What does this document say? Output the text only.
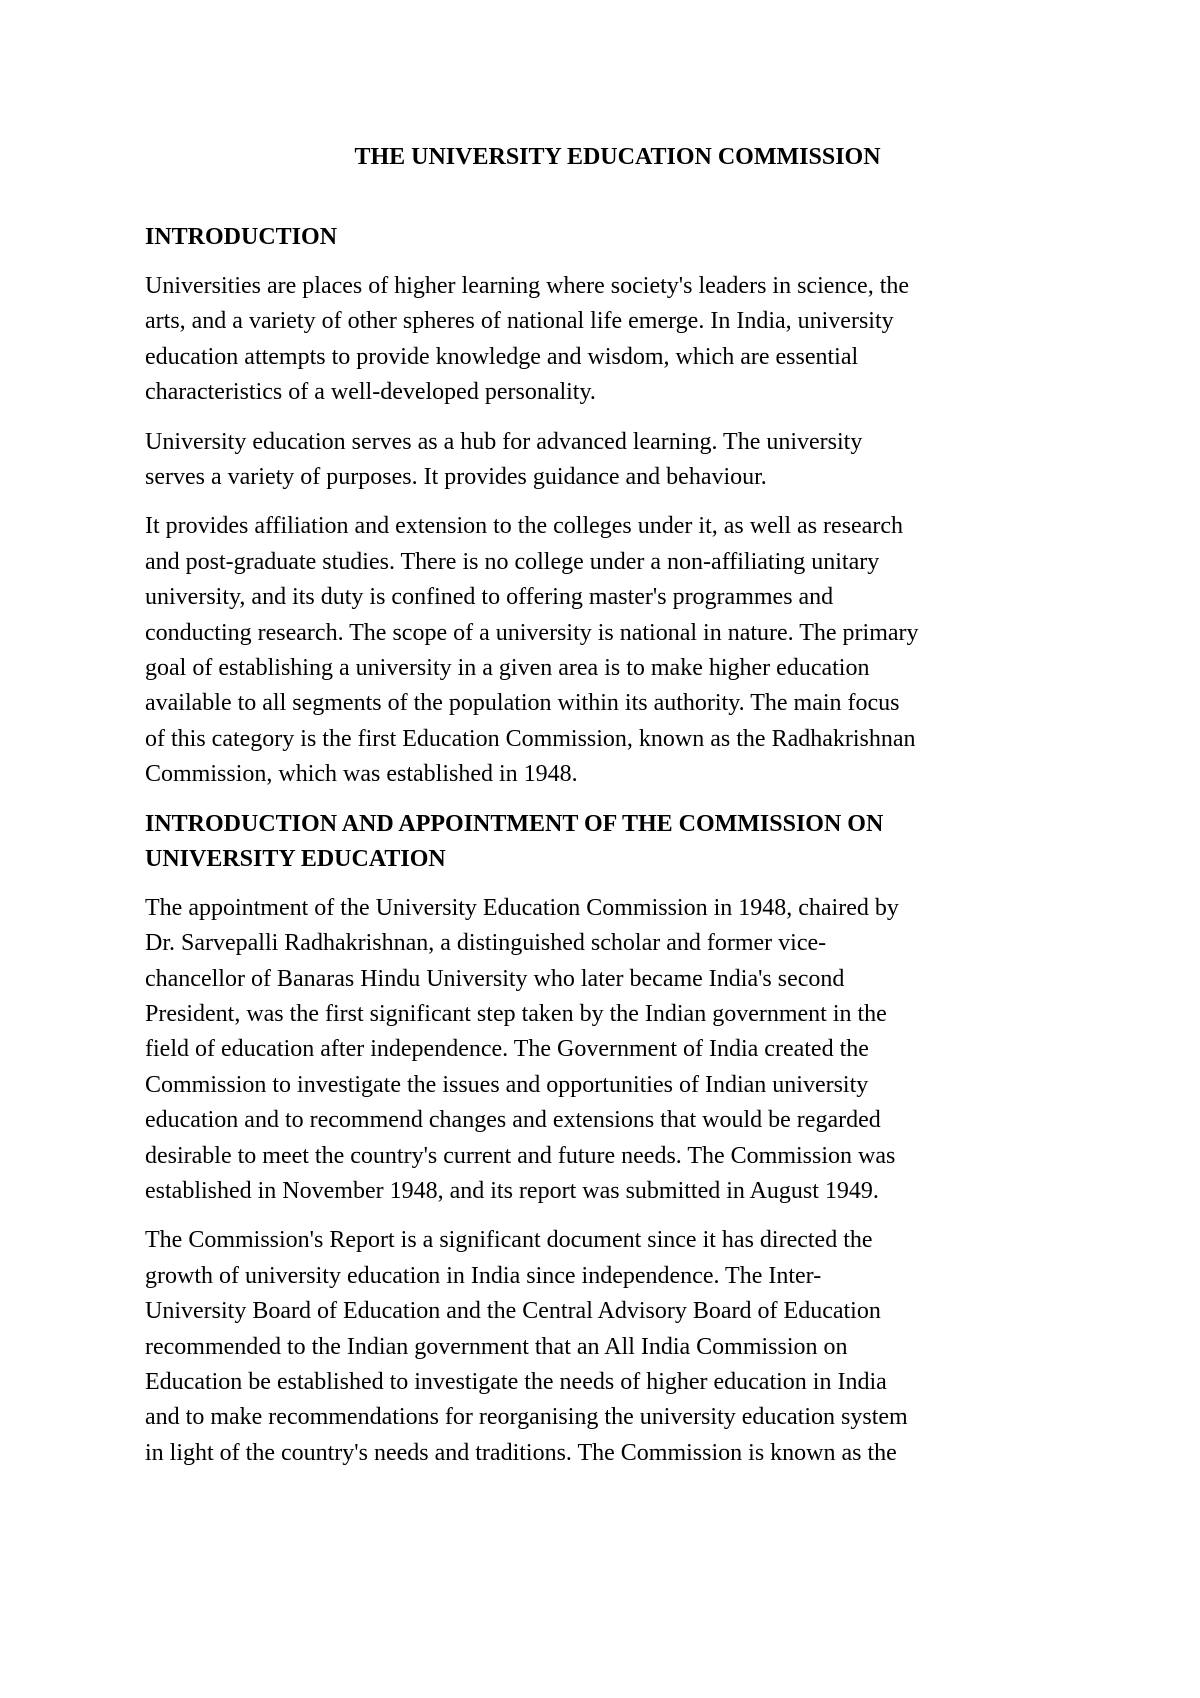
THE UNIVERSITY EDUCATION COMMISSION
INTRODUCTION
Universities are places of higher learning where society's leaders in science, the
arts, and a variety of other spheres of national life emerge. In India, university
education attempts to provide knowledge and wisdom, which are essential
characteristics of a well-developed personality.
University education serves as a hub for advanced learning. The university
serves a variety of purposes. It provides guidance and behaviour.
It provides affiliation and extension to the colleges under it, as well as research
and post-graduate studies. There is no college under a non-affiliating unitary
university, and its duty is confined to offering master's programmes and
conducting research. The scope of a university is national in nature. The primary
goal of establishing a university in a given area is to make higher education
available to all segments of the population within its authority. The main focus
of this category is the first Education Commission, known as the Radhakrishnan
Commission, which was established in 1948.
INTRODUCTION AND APPOINTMENT OF THE COMMISSION ON
UNIVERSITY EDUCATION
The appointment of the University Education Commission in 1948, chaired by
Dr. Sarvepalli Radhakrishnan, a distinguished scholar and former vice-
chancellor of Banaras Hindu University who later became India's second
President, was the first significant step taken by the Indian government in the
field of education after independence. The Government of India created the
Commission to investigate the issues and opportunities of Indian university
education and to recommend changes and extensions that would be regarded
desirable to meet the country's current and future needs. The Commission was
established in November 1948, and its report was submitted in August 1949.
The Commission's Report is a significant document since it has directed the
growth of university education in India since independence. The Inter-
University Board of Education and the Central Advisory Board of Education
recommended to the Indian government that an All India Commission on
Education be established to investigate the needs of higher education in India
and to make recommendations for reorganising the university education system
in light of the country's needs and traditions. The Commission is known as the
